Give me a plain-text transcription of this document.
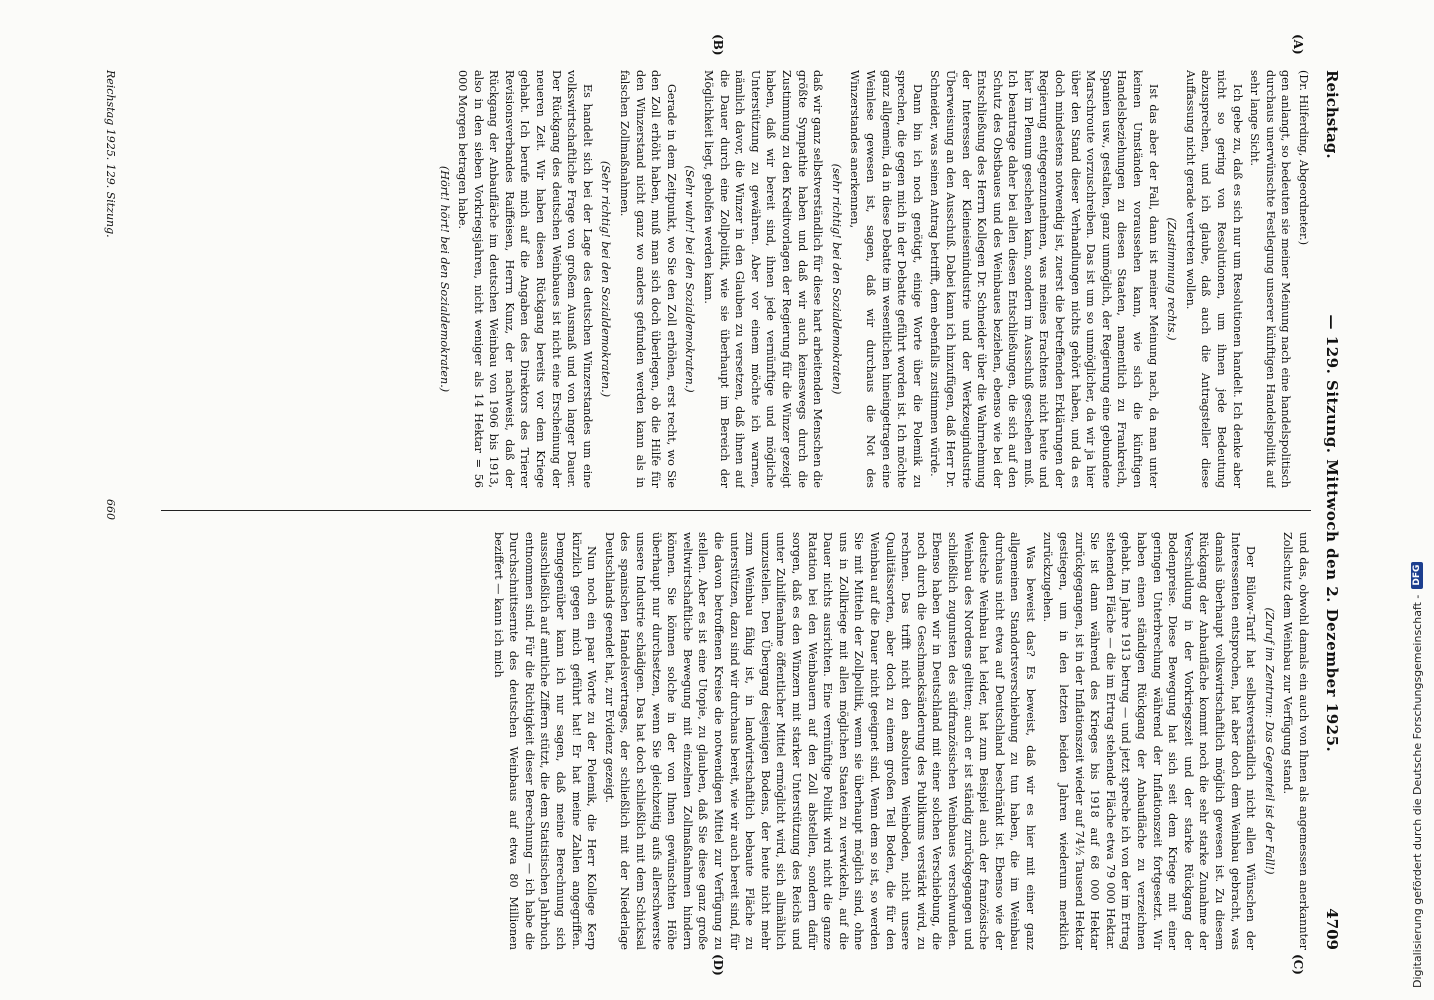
Reichstag.
— 129. Sitzung. Mittwoch den 2. Dezember 1925.
4709

(Dr. Hilferding, Abgeordneter.)

gen anlangt, so bedeuten sie meiner Meinung nach eine handelspolitisch durchaus unerwünschte Festlegung unserer künftigen Handelspolitik auf sehr lange Sicht.

Ich gebe zu, daß es sich nur um Resolutionen handelt. Ich denke aber nicht so gering von Resolutionen, um ihnen jede Bedeutung abzusprechen, und ich glaube, daß auch die Antragsteller diese Auffassung nicht gerade vertreten wollen.

(Zustimmung rechts.)

Ist das aber der Fall, dann ist meiner Meinung nach, da man unter keinen Umständen voraussehen kann, wie sich die künftigen Handelsbeziehungen zu diesen Staaten, namentlich zu Frankreich, Spanien usw., gestalten, ganz unmöglich, der Regierung eine gebundene Marschroute vorzuschreiben. Das ist um so unmöglicher, da wir ja hier über den Stand dieser Verhandlungen nichts gehört haben, und da es doch mindestens notwendig ist, zuerst die betreffenden Erklärungen der Regierung entgegenzunehmen, was meines Erachtens nicht heute und hier im Plenum geschehen kann, sondern im Ausschuß geschehen muß. Ich beantrage daher bei allen diesen Entschließungen, die sich auf den Schutz des Obstbaues und des Weinbaues beziehen, ebenso wie bei der Entschließung des Herrn Kollegen Dr. Schneider über die Wahrnehmung der Interessen der Kleineisenindustrie und der Werkzeugindustrie Überweisung an den Ausschuß. Dabei kann ich hinzufügen, daß Herr Dr. Schneider, was seinen Antrag betrifft, dem ebenfalls zustimmen würde.

Dann bin ich noch genötigt, einige Worte über die Polemik zu sprechen, die gegen mich in der Debatte geführt worden ist. Ich möchte ganz allgemein, da in diese Debatte im wesentlichen hineingetragen eine Weinlese gewesen ist, sagen, daß wir durchaus die Not des Winzerstandes anerkennen,

(sehr richtig! bei den Sozialdemokraten)

daß wir ganz selbstverständlich für diese hart arbeitenden Menschen die größte Sympathie haben und daß wir auch keineswegs durch die Zustimmung zu den Kreditvorlagen der Regierung für die Winzer gezeigt haben, daß wir bereit sind, ihnen jede vernünftige und mögliche Unterstützung zu gewähren. Aber vor einem möchte ich warnen, nämlich davor, die Winzer in den Glauben zu versetzen, daß ihnen auf die Dauer durch eine Zollpolitik, wie sie überhaupt im Bereich der Möglichkeit liegt, geholfen werden kann.

(Sehr wahr! bei den Sozialdemokraten.)

Gerade in dem Zeitpunkt, wo Sie den Zoll erhöhen, erst recht, wo Sie den Zoll erhöht haben, muß man sich doch überlegen, ob die Hilfe für den Winzerstand nicht ganz wo anders gefunden werden kann als in falschen Zollmaßnahmen.

(Sehr richtig! bei den Sozialdemokraten.)

Es handelt sich bei der Lage des deutschen Winzerstandes um eine volkswirtschaftliche Frage von großem Ausmaß und von langer Dauer. Der Rückgang des deutschen Weinbaues ist nicht eine Erscheinung der neueren Zeit. Wir haben diesen Rückgang bereits vor dem Kriege gehabt. Ich berufe mich auf die Angaben des Direktors des Trierer Revisionsverbandes Raiffeisen, Herrn Kunz, der nachweist, daß der Rückgang der Anbaufläche im deutschen Weinbau von 1906 bis 1913, also in den sieben Vorkriegsjahren, nicht weniger als 14 Hektar = 56 000 Morgen betragen habe.

(Hört! hört! bei den Sozialdemokraten.)

und das, obwohl damals ein auch von Ihnen als angemessen anerkannter Zollschutz dem Weinbau zur Verfügung stand.

(Zuruf im Zentrum: Das Gegenteil ist der Fall!)

Der Bülow-Tarif hat selbstverständlich nicht allen Wünschen der Interessenten entsprochen, hat aber doch dem Weinbau gebracht, was damals überhaupt volkswirtschaftlich möglich gewesen ist. Zu diesem Rückgang der Anbaufläche kommt noch die sehr starke Zunahme der Verschuldung in der Vorkriegszeit und der starke Rückgang der Bodenpreise. Diese Bewegung hat sich seit dem Kriege mit einer geringen Unterbrechung während der Inflationszeit fortgesetzt. Wir haben einen ständigen Rückgang der Anbaufläche zu verzeichnen gehabt. Im Jahre 1913 betrug — und jetzt spreche ich von der im Ertrag stehenden Fläche — die im Ertrag stehende Fläche etwa 79 000 Hektar. Sie ist dann während des Krieges bis 1918 auf 68 000 Hektar zurückgegangen, ist in der Inflationszeit wieder auf 74½ Tausend Hektar gestiegen, um in den letzten beiden Jahren wiederum merklich zurückzugehen.

Was beweist das? Es beweist, daß wir es hier mit einer ganz allgemeinen Standortsverschiebung zu tun haben, die im Weinbau durchaus nicht etwa auf Deutschland beschränkt ist. Ebenso wie der deutsche Weinbau hat leider, hat zum Beispiel auch der französische Weinbau des Nordens gelitten; auch er ist ständig zurückgegangen und schließlich zugunsten des südfranzösischen Weinbaues verschwunden. Ebenso haben wir in Deutschland mit einer solchen Verschiebung, die noch durch die Geschmacksänderung des Publikums verstärkt wird, zu rechnen. Das trifft nicht den absoluten Weinboden, nicht unsere Qualitätssorten, aber doch zu einem großen Teil Boden, die für den Weinbau auf die Dauer nicht geeignet sind. Wenn dem so ist, so werden Sie mit Mitteln der Zollpolitik, wenn sie überhaupt möglich sind, ohne uns in Zollkriege mit allen möglichen Staaten zu verwickeln, auf die Dauer nichts ausrichten. Eine vernünftige Politik wird nicht die ganze Ratation bei den Weinbauern auf den Zoll abstellen, sondern dafür sorgen, daß es den Winzern mit starker Unterstützung des Reichs und unter Zuhilfenahme öffentlicher Mittel ermöglicht wird, sich allmählich umzustellen. Den Übergang desjenigen Bodens, der heute nicht mehr zum Weinbau fähig ist, in landwirtschaftlich bebaute Fläche zu unterstützen, dazu sind wir durchaus bereit, wie wir auch bereit sind, für die davon betroffenen Kreise die notwendigen Mittel zur Verfügung zu stellen. Aber es ist eine Utopie, zu glauben, daß Sie diese ganz große weltwirtschaftliche Bewegung mit einzelnen Zollmaßnahmen hindern können. Sie können solche in der von Ihnen gewünschten Höhe überhaupt nur durchsetzen, wenn Sie gleichzeitig aufs allerschwerste unsere Industrie schädigen. Das hat doch schließlich mit dem Schicksal des spanischen Handelsvertrages, der schließlich mit der Niederlage Deutschlands geendet hat, zur Evidenz gezeigt.

Nun noch ein paar Worte zu der Polemik, die Herr Kollege Kerp kürzlich gegen mich geführt hat! Er hat meine Zahlen angegriffen. Demgegenüber kann ich nur sagen, daß meine Berechnung sich ausschließlich auf amtliche Ziffern stützt, die dem Statistischen Jahrbuch entnommen sind. Für die Richtigkeit dieser Berechnung — ich habe die Durchschnittsernte des deutschen Weinbaus auf etwa 80 Millionen beziffert — kann ich mich

(A)
(B)
(C)
(D)
Reichstag 1925. 129. Sitzung.
660
Digitalisierung gefördert durch die Deutsche Forschungsgemeinschaft -
DFG
